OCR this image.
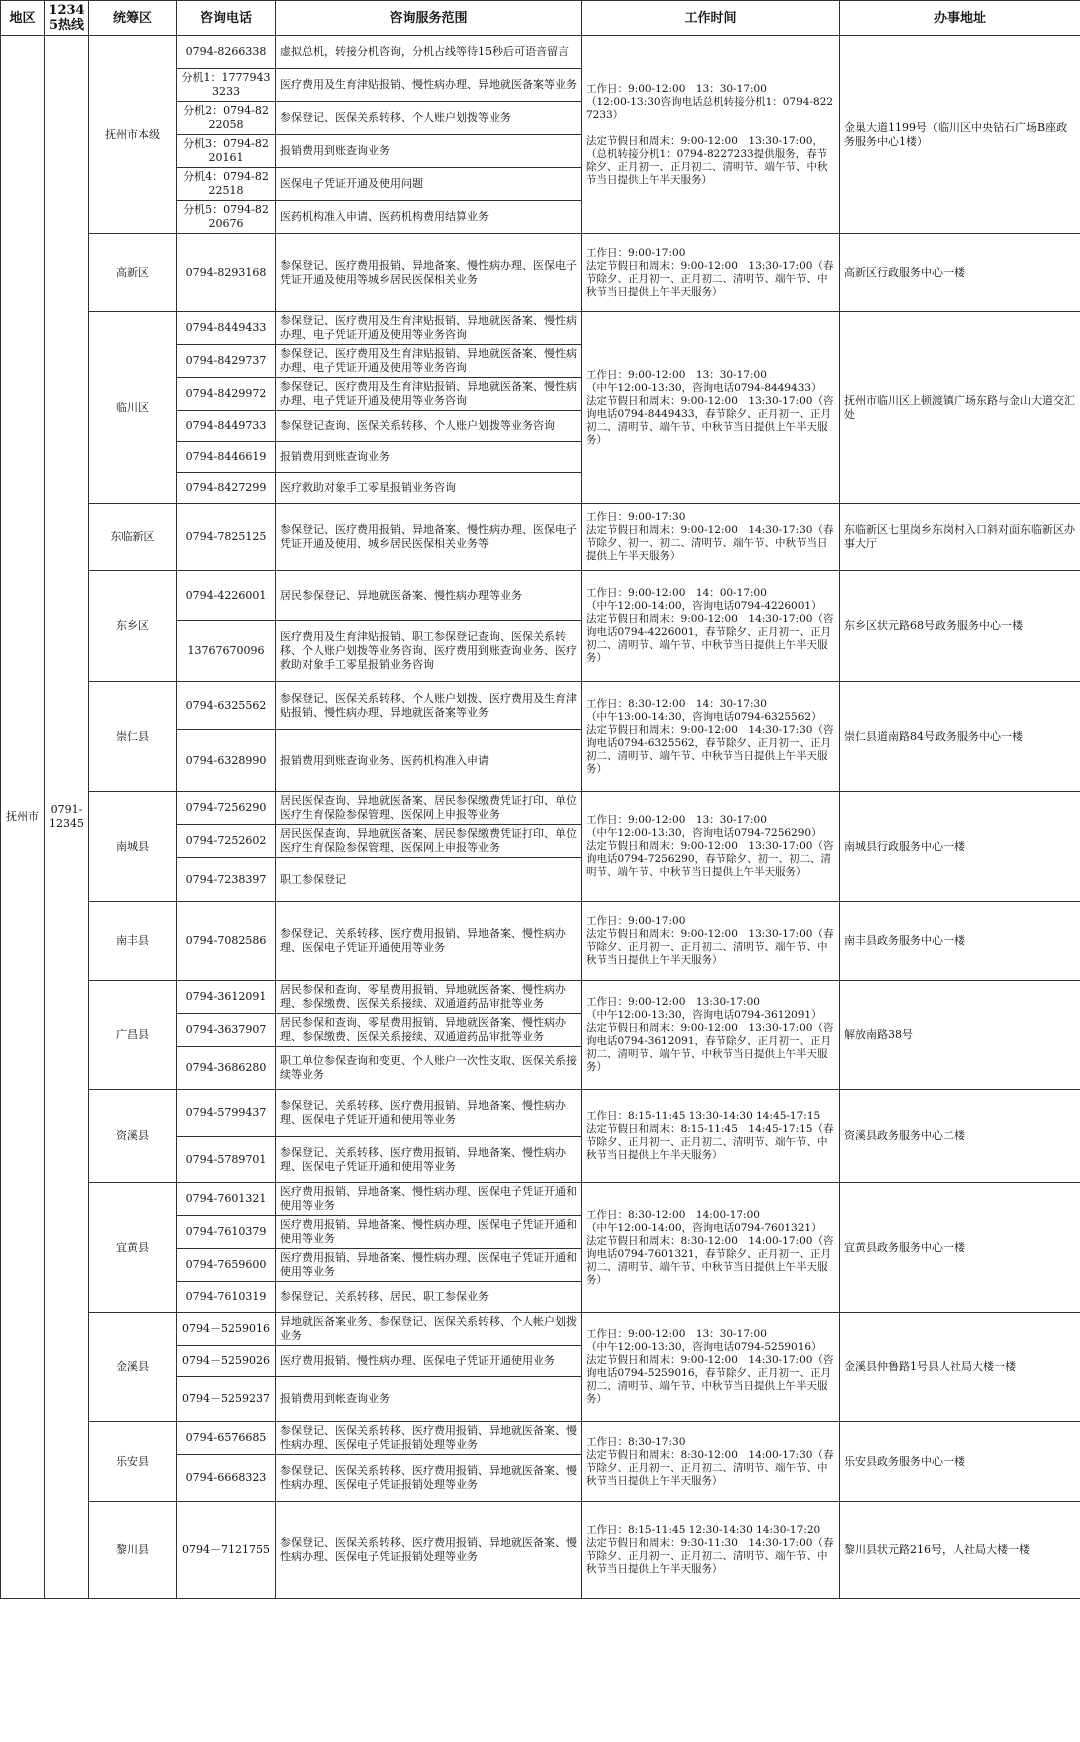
地区	12345热线	统筹区	咨询电话	咨询服务范围	工作时间	办事地址
抚州市	0791-12345	抚州市本级	0794-8266338	虚拟总机，转接分机咨询，分机占线等待15秒后可语音留言	工作日：9:00-12:00　13：30-17:00
（12:00-13:30咨询电话总机转接分机1：0794-8227233）

法定节假日和周末：9:00-12:00　13:30-17:00，（总机转接分机1：0794-8227233提供服务，春节除夕、正月初一、正月初二、清明节、端午节、中秋节当日提供上午半天服务）	金巢大道1199号（临川区中央钻石广场B座政务服务中心1楼）
			分机1：17779433233	医疗费用及生育津贴报销、慢性病办理、异地就医备案等业务		
			分机2：0794-8222058	参保登记、医保关系转移、个人账户划拨等业务		
			分机3：0794-8220161	报销费用到账查询业务		
			分机4：0794-8222518	医保电子凭证开通及使用问题		
			分机5：0794-8220676	医药机构准入申请、医药机构费用结算业务		
		高新区	0794-8293168	参保登记、医疗费用报销、异地备案、慢性病办理、医保电子凭证开通及使用等城乡居民医保相关业务	工作日：9:00-17:00
法定节假日和周末：9:00-12:00　13:30-17:00（春节除夕、正月初一、正月初二、清明节、端午节、中秋节当日提供上午半天服务）	高新区行政服务中心一楼
		临川区	0794-8449433	参保登记、医疗费用及生育津贴报销、异地就医备案、慢性病办理、电子凭证开通及使用等业务咨询	工作日：9:00-12:00　13：30-17:00
（中午12:00-13:30，咨询电话0794-8449433）
法定节假日和周末：9:00-12:00　13:30-17:00（咨询电话0794-8449433，春节除夕、正月初一、正月初二、清明节、端午节、中秋节当日提供上午半天服务）	抚州市临川区上顿渡镇广场东路与金山大道交汇处
			0794-8429737	参保登记、医疗费用及生育津贴报销、异地就医备案、慢性病办理、电子凭证开通及使用等业务咨询		
			0794-8429972	参保登记、医疗费用及生育津贴报销、异地就医备案、慢性病办理、电子凭证开通及使用等业务咨询		
			0794-8449733	参保登记查询、医保关系转移、个人账户划拨等业务咨询		
			0794-8446619	报销费用到账查询业务		
			0794-8427299	医疗救助对象手工零星报销业务咨询		
		东临新区	0794-7825125	参保登记、医疗费用报销、异地备案、慢性病办理、医保电子凭证开通及使用、城乡居民医保相关业务等	工作日：9:00-17:30
法定节假日和周末：9:00-12:00　14:30-17:30（春节除夕、初一、初二、清明节、端午节、中秋节当日提供上午半天服务）	东临新区七里岗乡东岗村入口斜对面东临新区办事大厅
		东乡区	0794-4226001	居民参保登记、异地就医备案、慢性病办理等业务	工作日：9:00-12:00　14：00-17:00
（中午12:00-14:00，咨询电话0794-4226001）
法定节假日和周末：9:00-12:00　14:30-17:00（咨询电话0794-4226001，春节除夕、正月初一、正月初二、清明节、端午节、中秋节当日提供上午半天服务）	东乡区状元路68号政务服务中心一楼
			13767670096	医疗费用及生育津贴报销、职工参保登记查询、医保关系转移、个人账户划拨等业务咨询、医疗费用到账查询业务、医疗救助对象手工零星报销业务咨询		
		崇仁县	0794-6325562	参保登记、医保关系转移、个人账户划拨、医疗费用及生育津贴报销、慢性病办理、异地就医备案等业务	工作日：8:30-12:00　14：30-17:30
（中午13:00-14:30，咨询电话0794-6325562）
法定节假日和周末：9:00-12:00　14:30-17:30（咨询电话0794-6325562，春节除夕、正月初一、正月初二、清明节、端午节、中秋节当日提供上午半天服务）	崇仁县道南路84号政务服务中心一楼
			0794-6328990	报销费用到账查询业务、医药机构准入申请		
		南城县	0794-7256290	居民医保查询、异地就医备案、居民参保缴费凭证打印、单位医疗生育保险参保管理、医保网上申报等业务	工作日：9:00-12:00　13：30-17:00
（中午12:00-13:30，咨询电话0794-7256290）
法定节假日和周末：9:00-12:00　13:30-17:00（咨询电话0794-7256290，春节除夕、初一、初二、清明节、端午节、中秋节当日提供上午半天服务）	南城县行政服务中心一楼
			0794-7252602	居民医保查询、异地就医备案、居民参保缴费凭证打印、单位医疗生育保险参保管理、医保网上申报等业务		
			0794-7238397	职工参保登记		
		南丰县	0794-7082586	参保登记、关系转移、医疗费用报销、异地备案、慢性病办理、医保电子凭证开通使用等业务	工作日：9:00-17:00
法定节假日和周末：9:00-12:00　13:30-17:00（春节除夕、正月初一、正月初二、清明节、端午节、中秋节当日提供上午半天服务）	南丰县政务服务中心一楼
		广昌县	0794-3612091	居民参保和查询、零星费用报销、异地就医备案、慢性病办理、参保缴费、医保关系接续、双通道药品审批等业务	工作日：9:00-12:00　13:30-17:00
（中午12:00-13:30，咨询电话0794-3612091）
法定节假日和周末：9:00-12:00　13:30-17:00（咨询电话0794-3612091，春节除夕、正月初一、正月初二、清明节、端午节、中秋节当日提供上午半天服务）	解放南路38号
			0794-3637907	居民参保和查询、零星费用报销、异地就医备案、慢性病办理、参保缴费、医保关系接续、双通道药品审批等业务		
			0794-3686280	职工单位参保查询和变更、个人账户一次性支取、医保关系接续等业务		
		资溪县	0794-5799437	参保登记、关系转移、医疗费用报销、异地备案、慢性病办理、医保电子凭证开通和使用等业务	工作日：8:15-11:45 13:30-14:30 14:45-17:15
法定节假日和周末：8:15-11:45　14:45-17:15（春节除夕、正月初一、正月初二、清明节、端午节、中秋节当日提供上午半天服务）	资溪县政务服务中心二楼
			0794-5789701	参保登记、关系转移、医疗费用报销、异地备案、慢性病办理、医保电子凭证开通和使用等业务		
		宜黄县	0794-7601321	医疗费用报销、异地备案、慢性病办理、医保电子凭证开通和使用等业务	工作日：8:30-12:00　14:00-17:00
（中午12:00-14:00，咨询电话0794-7601321）
法定节假日和周末：8:30-12:00　14:00-17:00（咨询电话0794-7601321，春节除夕、正月初一、正月初二、清明节、端午节、中秋节当日提供上午半天服务）	宜黄县政务服务中心一楼
			0794-7610379	医疗费用报销、异地备案、慢性病办理、医保电子凭证开通和使用等业务		
			0794-7659600	医疗费用报销、异地备案、慢性病办理、医保电子凭证开通和使用等业务		
			0794-7610319	参保登记、关系转移、居民、职工参保业务		
		金溪县	0794－5259016	异地就医备案业务、参保登记、医保关系转移、个人帐户划拨业务	工作日：9:00-12:00　13：30-17:00
（中午12:00-13:30，咨询电话0794-5259016）
法定节假日和周末：9:00-12:00　14:30-17:00（咨询电话0794-5259016，春节除夕、正月初一、正月初二、清明节、端午节、中秋节当日提供上午半天服务）	金溪县仲鲁路1号县人社局大楼一楼
			0794－5259026	医疗费用报销、慢性病办理、医保电子凭证开通使用业务		
			0794－5259237	报销费用到帐查询业务		
		乐安县	0794-6576685	参保登记、医保关系转移、医疗费用报销、异地就医备案、慢性病办理、医保电子凭证报销处理等业务	工作日：8:30-17:30
法定节假日和周末：8:30-12:00　14:00-17:30（春节除夕、正月初一、正月初二、清明节、端午节、中秋节当日提供上午半天服务）	乐安县政务服务中心一楼
			0794-6668323	参保登记、医保关系转移、医疗费用报销、异地就医备案、慢性病办理、医保电子凭证报销处理等业务		
		黎川县	0794－7121755	参保登记、医保关系转移、医疗费用报销、异地就医备案、慢性病办理、医保电子凭证报销处理等业务	工作日：8:15-11:45 12:30-14:30 14:30-17:20
法定节假日和周末：9:30-11:30　14:30-17:00（春节除夕、正月初一、正月初二、清明节、端午节、中秋节当日提供上午半天服务）	黎川县状元路216号，人社局大楼一楼
